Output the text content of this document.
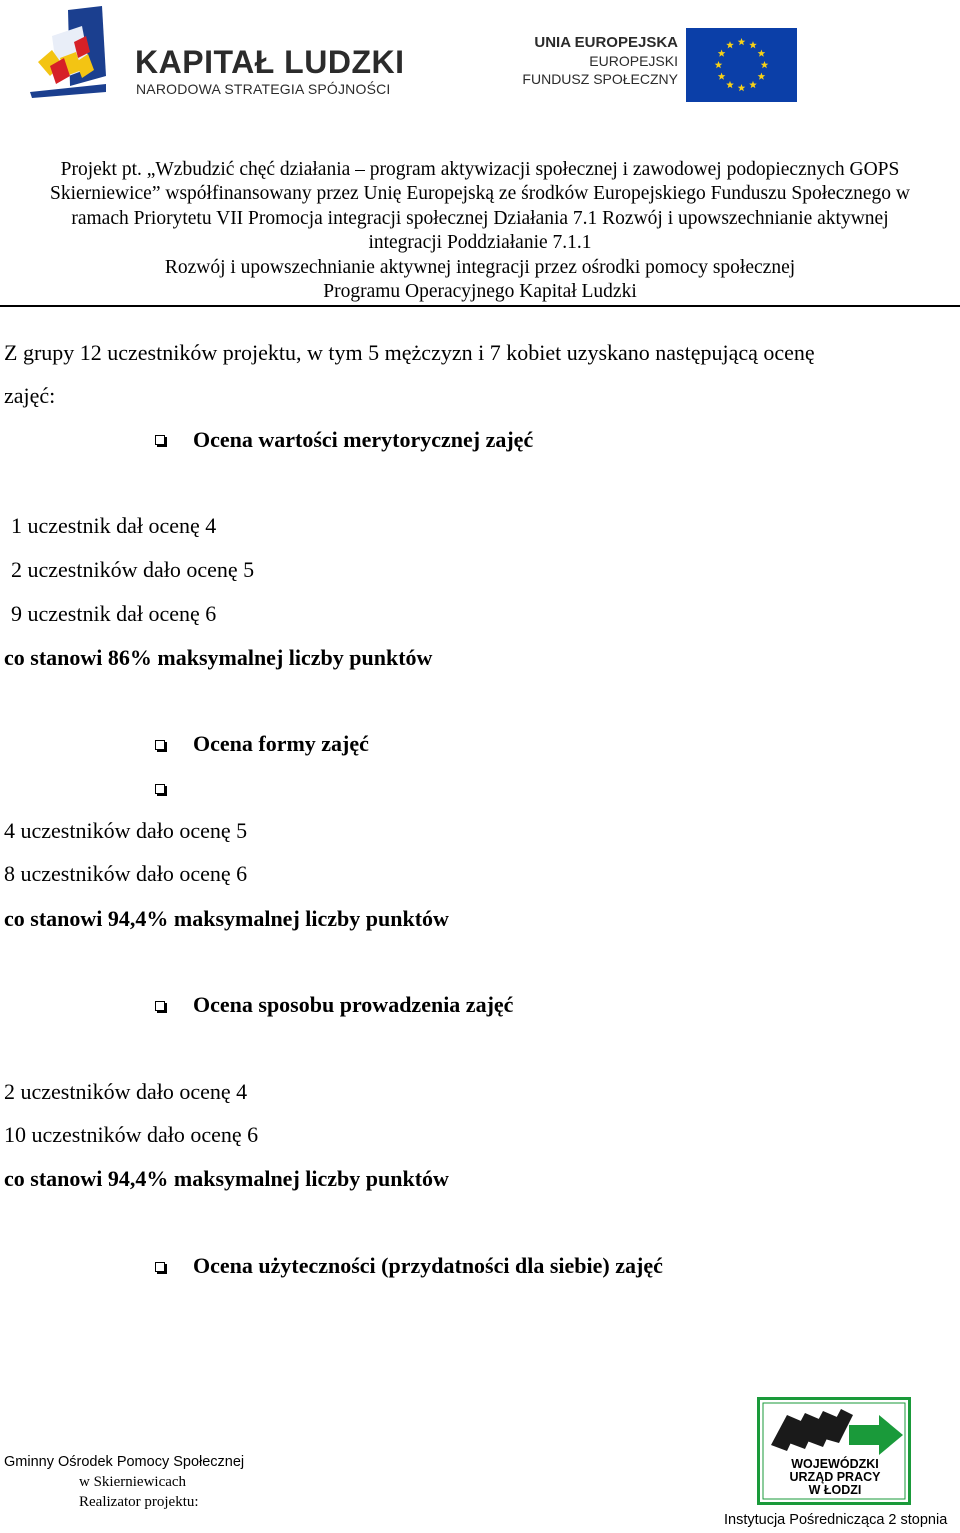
KAPITAŁ LUDZKI
NARODOWA STRATEGIA SPÓJNOŚCI
UNIA EUROPEJSKA
EUROPEJSKI
FUNDUSZ SPOŁECZNY
Projekt pt. „Wzbudzić chęć działania – program aktywizacji społecznej i zawodowej podopiecznych GOPS
Skierniewice” współfinansowany przez Unię Europejską ze środków Europejskiego Funduszu Społecznego w
ramach Priorytetu VII Promocja integracji społecznej Działania 7.1 Rozwój i upowszechnianie aktywnej
integracji Poddziałanie 7.1.1
Rozwój i upowszechnianie aktywnej integracji przez ośrodki pomocy społecznej
Programu Operacyjnego Kapitał Ludzki
Z grupy 12 uczestników projektu, w tym 5 mężczyzn i 7 kobiet uzyskano następującą ocenę
zajęć:
Ocena wartości merytorycznej zajęć
1 uczestnik dał ocenę 4
2 uczestników dało ocenę 5
9 uczestnik dał ocenę 6
co stanowi 86% maksymalnej liczby punktów
Ocena formy zajęć
4 uczestników dało ocenę 5
8 uczestników dało ocenę 6
co stanowi 94,4% maksymalnej liczby punktów
Ocena sposobu prowadzenia zajęć
2 uczestników dało ocenę 4
10 uczestników dało ocenę 6
co stanowi 94,4% maksymalnej liczby punktów
Ocena użyteczności (przydatności dla siebie) zajęć
Gminny Ośrodek Pomocy Społecznej
w Skierniewicach
Realizator projektu:
WOJEWÓDZKI
URZĄD PRACY
W ŁODZI
Instytucja Pośrednicząca 2 stopnia
